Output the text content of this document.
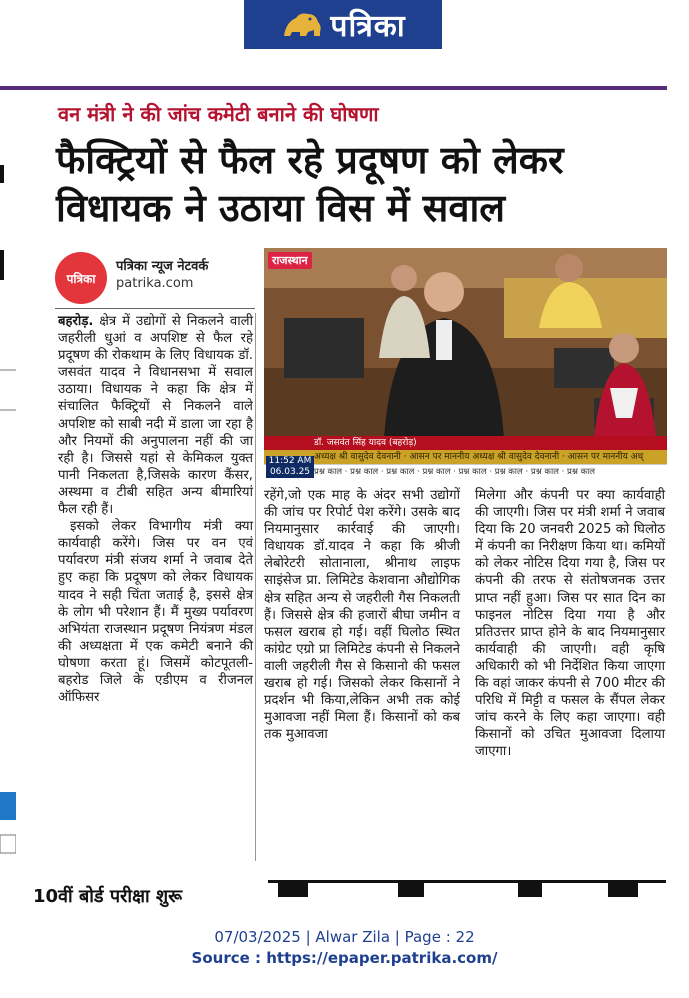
पत्रिका
वन मंत्री ने की जांच कमेटी बनाने की घोषणा
फैक्ट्रियों से फैल रहे प्रदूषण को लेकर विधायक ने उठाया विस में सवाल
पत्रिका
पत्रिका न्यूज नेटवर्क
patrika.com

बहरोड़. क्षेत्र में उद्योगों से निकलने वाली जहरीली धुआं व अपशिष्ट से फैल रहे प्रदूषण की रोकथाम के लिए विधायक डॉ. जसवंत यादव ने विधानसभा में सवाल उठाया। विधायक ने कहा कि क्षेत्र में संचालित फैक्ट्रियों से निकलने वाले अपशिष्ट को साबी नदी में डाला जा रहा है और नियमों की अनुपालना नहीं की जा रही है। जिससे यहां से केमिकल युक्त पानी निकलता है,जिसके कारण कैंसर, अस्थमा व टीबी सहित अन्य बीमारियां फैल रही हैं।

इसको लेकर विभागीय मंत्री क्या कार्यवाही करेंगे। जिस पर वन एवं पर्यावरण मंत्री संजय शर्मा ने जवाब देते हुए कहा कि प्रदूषण को लेकर विधायक यादव ने सही चिंता जताई है, इससे क्षेत्र के लोग भी परेशान हैं। मैं मुख्य पर्यावरण अभियंता राजस्थान प्रदूषण नियंत्रण मंडल की अध्यक्षता में एक कमेटी बनाने की घोषणा करता हूं। जिसमें कोटपूतली-बहरोड जिले के एडीएम व रीजनल ऑफिसर

राजस्थान
डॉ. जसवंत सिंह यादव (बहरोड़)
अध्यक्ष श्री वासुदेव देवनानी · आसन पर माननीय अध्यक्ष श्री वासुदेव देवनानी · आसन पर माननीय अध्
प्रश्न काल · प्रश्न काल · प्रश्न काल · प्रश्न काल · प्रश्न काल · प्रश्न काल · प्रश्न काल · प्रश्न काल
11:52 AM
06.03.25

रहेंगे,जो एक माह के अंदर सभी उद्योगों की जांच पर रिपोर्ट पेश करेंगे। उसके बाद नियमानुसार कार्रवाई की जाएगी। विधायक डॉ.यादव ने कहा कि श्रीजी लेबोरेटरी सोतानाला, श्रीनाथ लाइफ साइंसेज प्रा. लिमिटेड केशवाना औद्योगिक क्षेत्र सहित अन्य से जहरीली गैस निकलती हैं। जिससे क्षेत्र की हजारों बीघा जमीन व फसल खराब हो गई। वहीं घिलोठ स्थित कांग्रेट एग्रो प्रा लिमिटेड कंपनी से निकलने वाली जहरीली गैस से किसानो की फसल खराब हो गई। जिसको लेकर किसानों ने प्रदर्शन भी किया,लेकिन अभी तक कोई मुआवजा नहीं मिला हैं। किसानों को कब तक मुआवजा

मिलेगा और कंपनी पर क्या कार्यवाही की जाएगी। जिस पर मंत्री शर्मा ने जवाब दिया कि 20 जनवरी 2025 को घिलोठ में कंपनी का निरीक्षण किया था। कमियों को लेकर नोटिस दिया गया है, जिस पर कंपनी की तरफ से संतोषजनक उत्तर प्राप्त नहीं हुआ। जिस पर सात दिन का फाइनल नोटिस दिया गया है और प्रतिउत्तर प्राप्त होने के बाद नियमानुसार कार्यवाही की जाएगी। वही कृषि अधिकारी को भी निर्देशित किया जाएगा कि वहां जाकर कंपनी से 700 मीटर की परिधि में मिट्टी व फसल के सैंपल लेकर जांच करने के लिए कहा जाएगा। वही किसानों को उचित मुआवजा दिलाया जाएगा।

10वीं बोर्ड परीक्षा शुरू
07/03/2025 | Alwar Zila | Page : 22
Source : https://epaper.patrika.com/
